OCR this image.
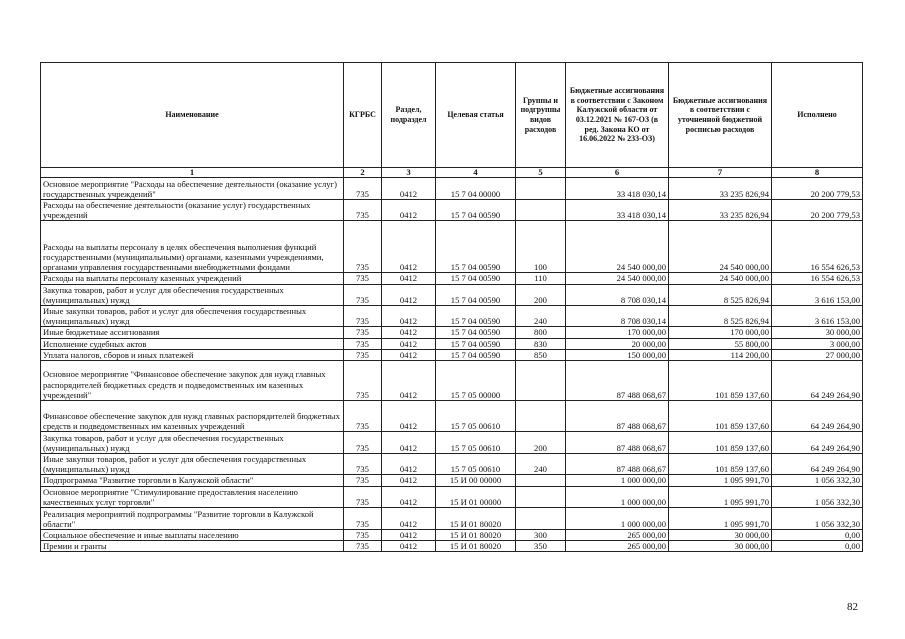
Наименование	КГРБС	Раздел, подраздел	Целевая статья	Группы и подгруппы видов расходов	Бюджетные ассигнования в соответствии с Законом Калужской области от 03.12.2021 № 167-ОЗ (в ред. Закона КО от 16.06.2022 № 233-ОЗ)	Бюджетные ассигнования в соответствии с уточненной бюджетной росписью расходов	Исполнено
1	2	3	4	5	6	7	8
Основное мероприятие "Расходы на обеспечение деятельности (оказание услуг) государственных учреждений"	735	0412	15 7 04 00000		33 418 030,14	33 235 826,94	20 200 779,53
Расходы на обеспечение деятельности (оказание услуг) государственных учреждений	735	0412	15 7 04 00590		33 418 030,14	33 235 826,94	20 200 779,53
Расходы на выплаты персоналу в целях обеспечения выполнения функций государственными (муниципальными) органами, казенными учреждениями, органами управления государственными внебюджетными фондами	735	0412	15 7 04 00590	100	24 540 000,00	24 540 000,00	16 554 626,53
Расходы на выплаты персоналу казенных учреждений	735	0412	15 7 04 00590	110	24 540 000,00	24 540 000,00	16 554 626,53
Закупка товаров, работ и услуг для обеспечения государственных (муниципальных) нужд	735	0412	15 7 04 00590	200	8 708 030,14	8 525 826,94	3 616 153,00
Иные закупки товаров, работ и услуг для обеспечения государственных (муниципальных) нужд	735	0412	15 7 04 00590	240	8 708 030,14	8 525 826,94	3 616 153,00
Иные бюджетные ассигнования	735	0412	15 7 04 00590	800	170 000,00	170 000,00	30 000,00
Исполнение судебных актов	735	0412	15 7 04 00590	830	20 000,00	55 800,00	3 000,00
Уплата налогов, сборов и иных платежей	735	0412	15 7 04 00590	850	150 000,00	114 200,00	27 000,00
Основное мероприятие "Финансовое обеспечение закупок для нужд главных распорядителей бюджетных средств и подведомственных им казенных учреждений"	735	0412	15 7 05 00000		87 488 068,67	101 859 137,60	64 249 264,90
Финансовое обеспечение закупок для нужд главных распорядителей бюджетных средств и подведомственных им казенных учреждений	735	0412	15 7 05 00610		87 488 068,67	101 859 137,60	64 249 264,90
Закупка товаров, работ и услуг для обеспечения государственных (муниципальных) нужд	735	0412	15 7 05 00610	200	87 488 068,67	101 859 137,60	64 249 264,90
Иные закупки товаров, работ и услуг для обеспечения государственных (муниципальных) нужд	735	0412	15 7 05 00610	240	87 488 068,67	101 859 137,60	64 249 264,90
Подпрограмма "Развитие торговли в Калужской области"	735	0412	15 И 00 00000		1 000 000,00	1 095 991,70	1 056 332,30
Основное мероприятие "Стимулирование предоставления населению качественных услуг торговли"	735	0412	15 И 01 00000		1 000 000,00	1 095 991,70	1 056 332,30
Реализация мероприятий подпрограммы "Развитие торговли в Калужской области"	735	0412	15 И 01 80020		1 000 000,00	1 095 991,70	1 056 332,30
Социальное обеспечение и иные выплаты населению	735	0412	15 И 01 80020	300	265 000,00	30 000,00	0,00
Премии и гранты	735	0412	15 И 01 80020	350	265 000,00	30 000,00	0,00
82
